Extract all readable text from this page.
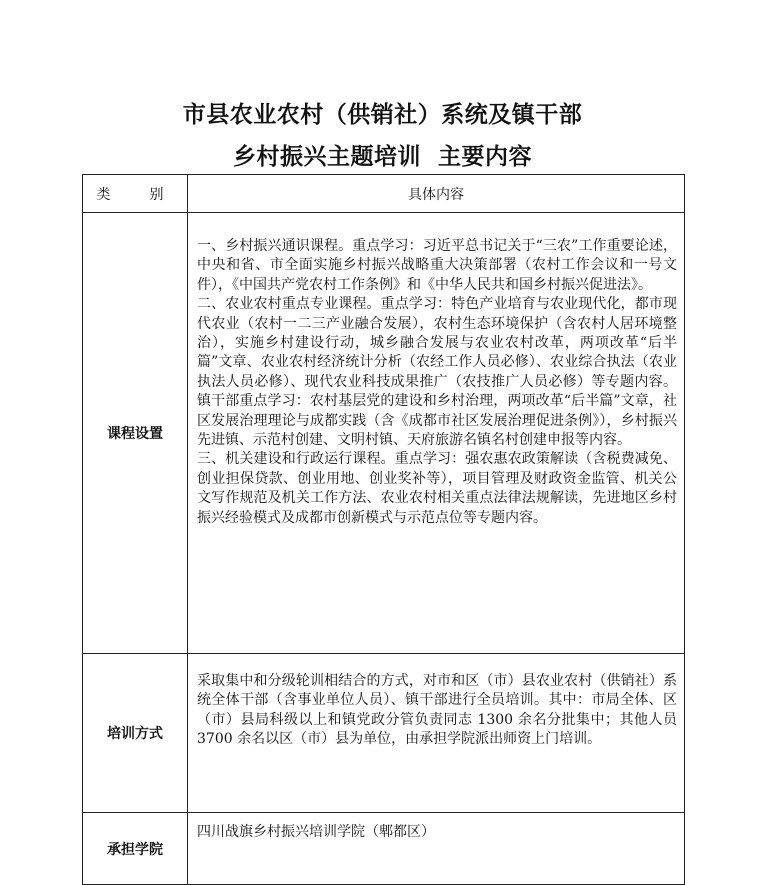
市县农业农村（供销社）系统及镇干部
乡村振兴主题培训  主要内容
类  别	具体内容
课程设置	一、乡村振兴通识课程。重点学习：习近平总书记关于“三农”工作重要论述，中央和省、市全面实施乡村振兴战略重大决策部署（农村工作会议和一号文件），《中国共产党农村工作条例》和《中华人民共和国乡村振兴促进法》。

二、农业农村重点专业课程。重点学习：特色产业培育与农业现代化，都市现代农业（农村一二三产业融合发展），农村生态环境保护（含农村人居环境整治），实施乡村建设行动，城乡融合发展与农业农村改革，两项改革“后半篇”文章、农业农村经济统计分析（农经工作人员必修）、农业综合执法（农业执法人员必修）、现代农业科技成果推广（农技推广人员必修）等专题内容。镇干部重点学习：农村基层党的建设和乡村治理，两项改革“后半篇”文章，社区发展治理理论与成都实践（含《成都市社区发展治理促进条例》），乡村振兴先进镇、示范村创建、文明村镇、天府旅游名镇名村创建申报等内容。

三、机关建设和行政运行课程。重点学习：强农惠农政策解读（含税费减免、创业担保贷款、创业用地、创业奖补等），项目管理及财政资金监管、机关公文写作规范及机关工作方法、农业农村相关重点法律法规解读，先进地区乡村振兴经验模式及成都市创新模式与示范点位等专题内容。

培训方式	采取集中和分级轮训相结合的方式，对市和区（市）县农业农村（供销社）系统全体干部（含事业单位人员）、镇干部进行全员培训。其中：市局全体、区（市）县局科级以上和镇党政分管负责同志 1300 余名分批集中；其他人员 3700 余名以区（市）县为单位，由承担学院派出师资上门培训。

承担学院	四川战旗乡村振兴培训学院（郫都区）
